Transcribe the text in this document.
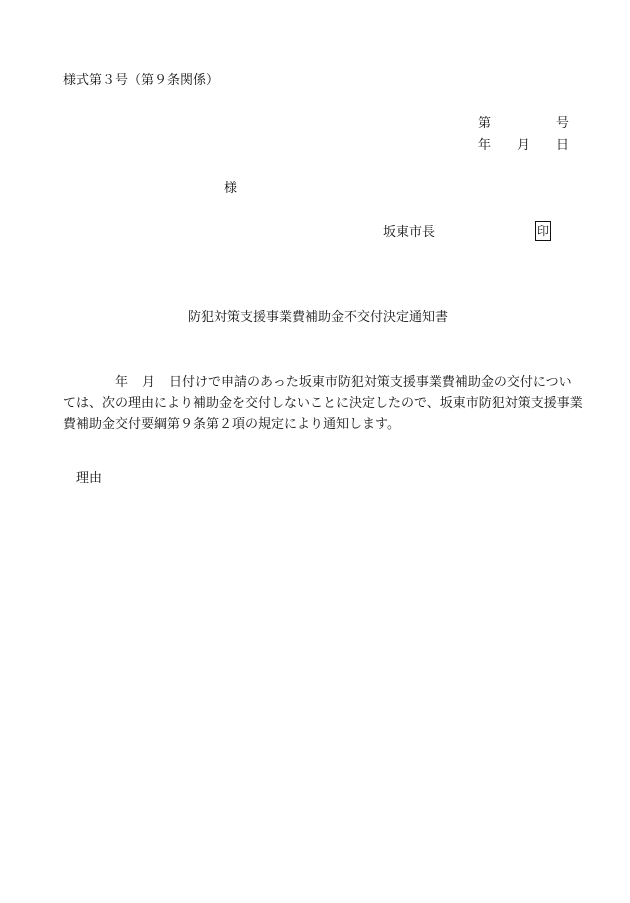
様式第３号（第９条関係）
第	号
年 月 日
様
坂東市長	印
防犯対策支援事業費補助金不交付決定通知書
年 月 日付けで申請のあった坂東市防犯対策支援事業費補助金の交付につい
ては、次の理由により補助金を交付しないことに決定したので、坂東市防犯対策支援事業
費補助金交付要綱第９条第２項の規定により通知します。
理由
